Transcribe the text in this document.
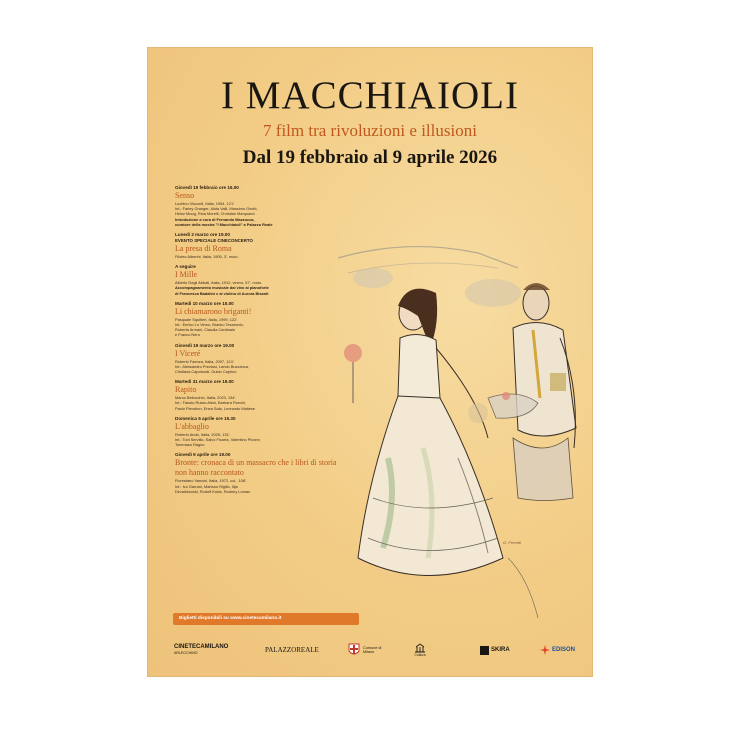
I MACCHIAIOLI
7 film tra rivoluzioni e illusioni
Dal 19 febbraio al 9 aprile 2026
Giovedì 19 febbraio ore 15.00
Senso
Luchino Visconti, Italia, 1954, 121'.
Int.: Farley Granger, Alida Valli, Massimo Girotti,
Heinz Moog, Rina Morelli, Christian Marquand
Introduzione a cura di Fernando Mazzocca,
curatore della mostra "I Macchiaioli" a Palazzo Reale
Lunedì 2 marzo ore 19.00
EVENTO SPECIALE CINECONCERTO
La presa di Roma
Filoteo Alberini, Italia, 1905, 3', muto.
A seguire
I Mille
Alberto Degli Abbati, Italia, 1912, vinero, 57', muto.
Accompagnamento musicale dal vivo al pianoforte
di Francesca Badalini e al violino di Aurora Bisanti
Martedì 10 marzo ore 15.00
Li chiamarono briganti!
Pasquale Squitieri, Italia, 1999, 122'.
Int.: Enrico Lo Verso, Branko Tesanovic,
Roberta Armani, Claudia Cardinale
e Franco Nero
Giovedì 19 marzo ore 19.00
I Viceré
Roberto Faenza, Italia, 2007, 124'.
Int.: Alessandro Preziosi, Lando Buzzanca,
Cristiana Capotondi, Guido Caprino
Martedì 31 marzo ore 19.00
Rapito
Marco Bellocchio, Italia, 2023, 134'.
Int.: Fausto Russo Alesi, Barbara Ronchi,
Paolo Pierobon, Enea Sala, Leonardo Maltese
Domenica 5 aprile ore 15.30
L'abbaglio
Roberto Andò, Italia, 2025, 131'.
Int.: Toni Servillo, Salvo Ficarra, Valentino Picone,
Tommaso Ragno
Giovedì 9 aprile ore 19.00
Bronte: cronaca di un massacro che i libri di storia non hanno raccontato
Florestano Vancini, Italia, 1972, col., 108'.
Int.: Ivo Garrani, Mariano Rigillo, Ilija
Dzvalekovski, Rudolf Kukic, Rodney Lomax
G. Ferretti
Biglietti disponibili su www.cinetecamilano.it
CINETECAMILANO
ARLECCHINO	PALAZZOREALE	Comune di Milano
Cultura
SKIRA	EDISON
